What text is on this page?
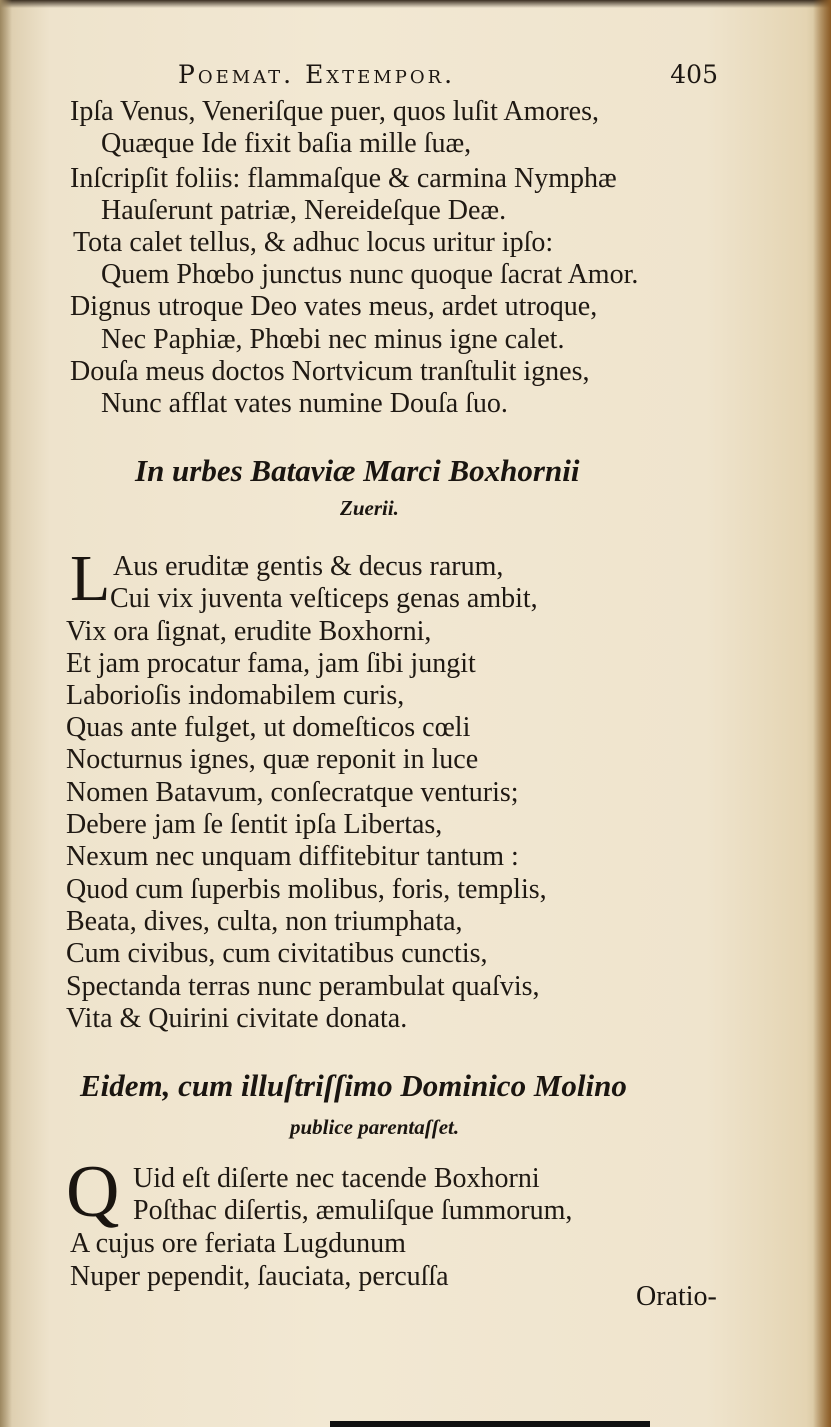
Poemat. Extempor.	405
Ipſa Venus, Veneriſque puer, quos luſit Amores,
Quæque Ide fixit baſia mille ſuæ,
Inſcripſit foliis: flammaſque & carmina Nymphæ
Hauſerunt patriæ, Nereideſque Deæ.
Tota calet tellus, & adhuc locus uritur ipſo:
Quem Phœbo junctus nunc quoque ſacrat Amor.
Dignus utroque Deo vates meus, ardet utroque,
Nec Paphiæ, Phœbi nec minus igne calet.
Douſa meus doctos Nortvicum tranſtulit ignes,
Nunc afflat vates numine Douſa ſuo.
In urbes Bataviæ Marci Boxhornii
Zuerii.
L Aus eruditæ gentis & decus rarum,
Cui vix juventa veſticeps genas ambit,
Vix ora ſignat, erudite Boxhorni,
Et jam procatur fama, jam ſibi jungit
Laborioſis indomabilem curis,
Quas ante fulget, ut domeſticos cœli
Nocturnus ignes, quæ reponit in luce
Nomen Batavum, conſecratque venturis;
Debere jam ſe ſentit ipſa Libertas,
Nexum nec unquam diffitebitur tantum :
Quod cum ſuperbis molibus, foris, templis,
Beata, dives, culta, non triumphata,
Cum civibus, cum civitatibus cunctis,
Spectanda terras nunc perambulat quaſvis,
Vita & Quirini civitate donata.
Eidem, cum illuſtriſſimo Dominico Molino
publice parentaſſet.
Q Uid eſt diſerte nec tacende Boxhorni
Poſthac diſertis, æmuliſque ſummorum,
A cujus ore feriata Lugdunum
Nuper pependit, ſauciata, percuſſa
Oratio-
